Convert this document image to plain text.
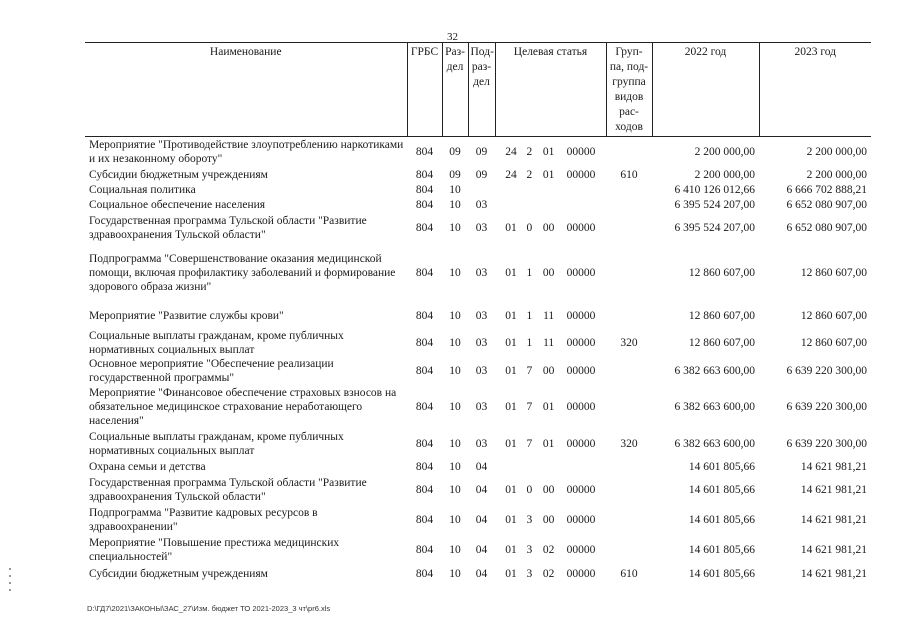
32
Наименование	ГРБС	Раз-дел	Под-раз-дел	Целевая статья	Груп-па, под-группа видов рас-ходов	2022 год	2023 год
Мероприятие "Противодействие злоупотреблению наркотиками и их незаконному обороту"	804	09	09	24 2 01 00000		2 200 000,00	2 200 000,00
Субсидии бюджетным учреждениям	804	09	09	24 2 01 00000	610	2 200 000,00	2 200 000,00
Социальная политика	804	10				6 410 126 012,66	6 666 702 888,21
Социальное обеспечение населения	804	10	03			6 395 524 207,00	6 652 080 907,00
Государственная программа Тульской области "Развитие здравоохранения Тульской области"	804	10	03	01 0 00 00000		6 395 524 207,00	6 652 080 907,00
Подпрограмма "Совершенствование оказания медицинской помощи, включая профилактику заболеваний и формирование здорового образа жизни"	804	10	03	01 1 00 00000		12 860 607,00	12 860 607,00
Мероприятие "Развитие службы крови"	804	10	03	01 1 11 00000		12 860 607,00	12 860 607,00
Социальные выплаты гражданам, кроме публичных нормативных социальных выплат	804	10	03	01 1 11 00000	320	12 860 607,00	12 860 607,00
Основное мероприятие "Обеспечение реализации государственной программы"	804	10	03	01 7 00 00000		6 382 663 600,00	6 639 220 300,00
Мероприятие "Финансовое обеспечение страховых взносов на обязательное медицинское страхование неработающего населения"	804	10	03	01 7 01 00000		6 382 663 600,00	6 639 220 300,00
Социальные выплаты гражданам, кроме публичных нормативных социальных выплат	804	10	03	01 7 01 00000	320	6 382 663 600,00	6 639 220 300,00
Охрана семьи и детства	804	10	04			14 601 805,66	14 621 981,21
Государственная программа Тульской области "Развитие здравоохранения Тульской области"	804	10	04	01 0 00 00000		14 601 805,66	14 621 981,21
Подпрограмма "Развитие кадровых ресурсов в здравоохранении"	804	10	04	01 3 00 00000		14 601 805,66	14 621 981,21
Мероприятие "Повышение престижа медицинских специальностей"	804	10	04	01 3 02 00000		14 601 805,66	14 621 981,21
Субсидии бюджетным учреждениям	804	10	04	01 3 02 00000	610	14 601 805,66	14 621 981,21
D:\ГД7\2021\ЗАКОНЫ\ЗАС_27\Изм. бюджет ТО 2021-2023_3 чт\pr6.xls
